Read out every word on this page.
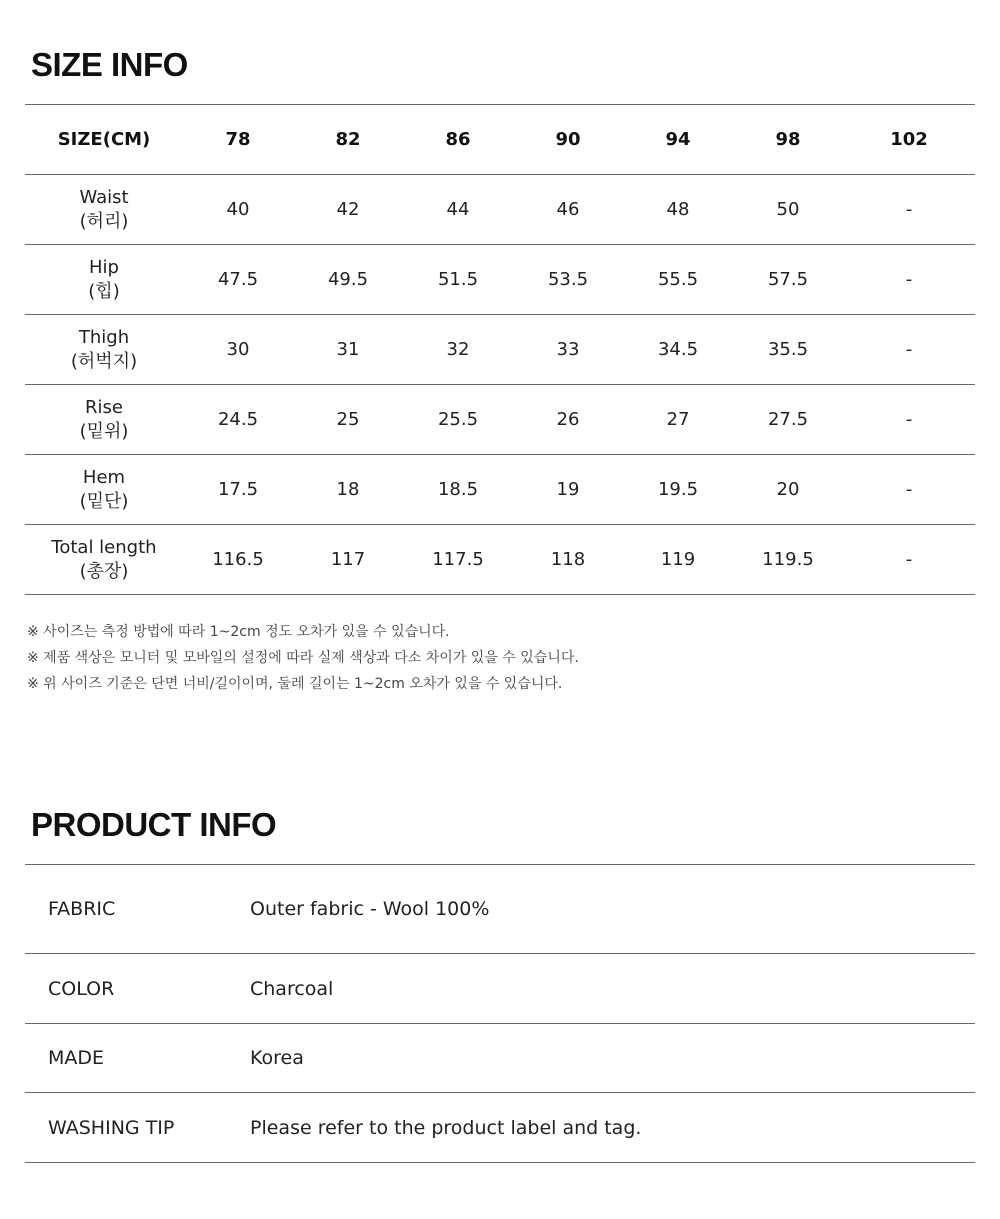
SIZE INFO
SIZE(CM)	78	82	86	90	94	98	102

Waist
(허리)	40	42	44	46	48	50	-

Hip
(힙)	47.5	49.5	51.5	53.5	55.5	57.5	-

Thigh
(허벅지)	30	31	32	33	34.5	35.5	-

Rise
(밑위)	24.5	25	25.5	26	27	27.5	-

Hem
(밑단)	17.5	18	18.5	19	19.5	20	-

Total length
(총장)	116.5	117	117.5	118	119	119.5	-
※ 사이즈는 측정 방법에 따라 1~2cm 정도 오차가 있을 수 있습니다.
※ 제품 색상은 모니터 및 모바일의 설정에 따라 실제 색상과 다소 차이가 있을 수 있습니다.
※ 위 사이즈 기준은 단면 너비/길이이며, 둘레 길이는 1~2cm 오차가 있을 수 있습니다.
PRODUCT INFO
FABRIC	Outer fabric - Wool 100%
COLOR	Charcoal
MADE	Korea
WASHING TIP	Please refer to the product label and tag.
